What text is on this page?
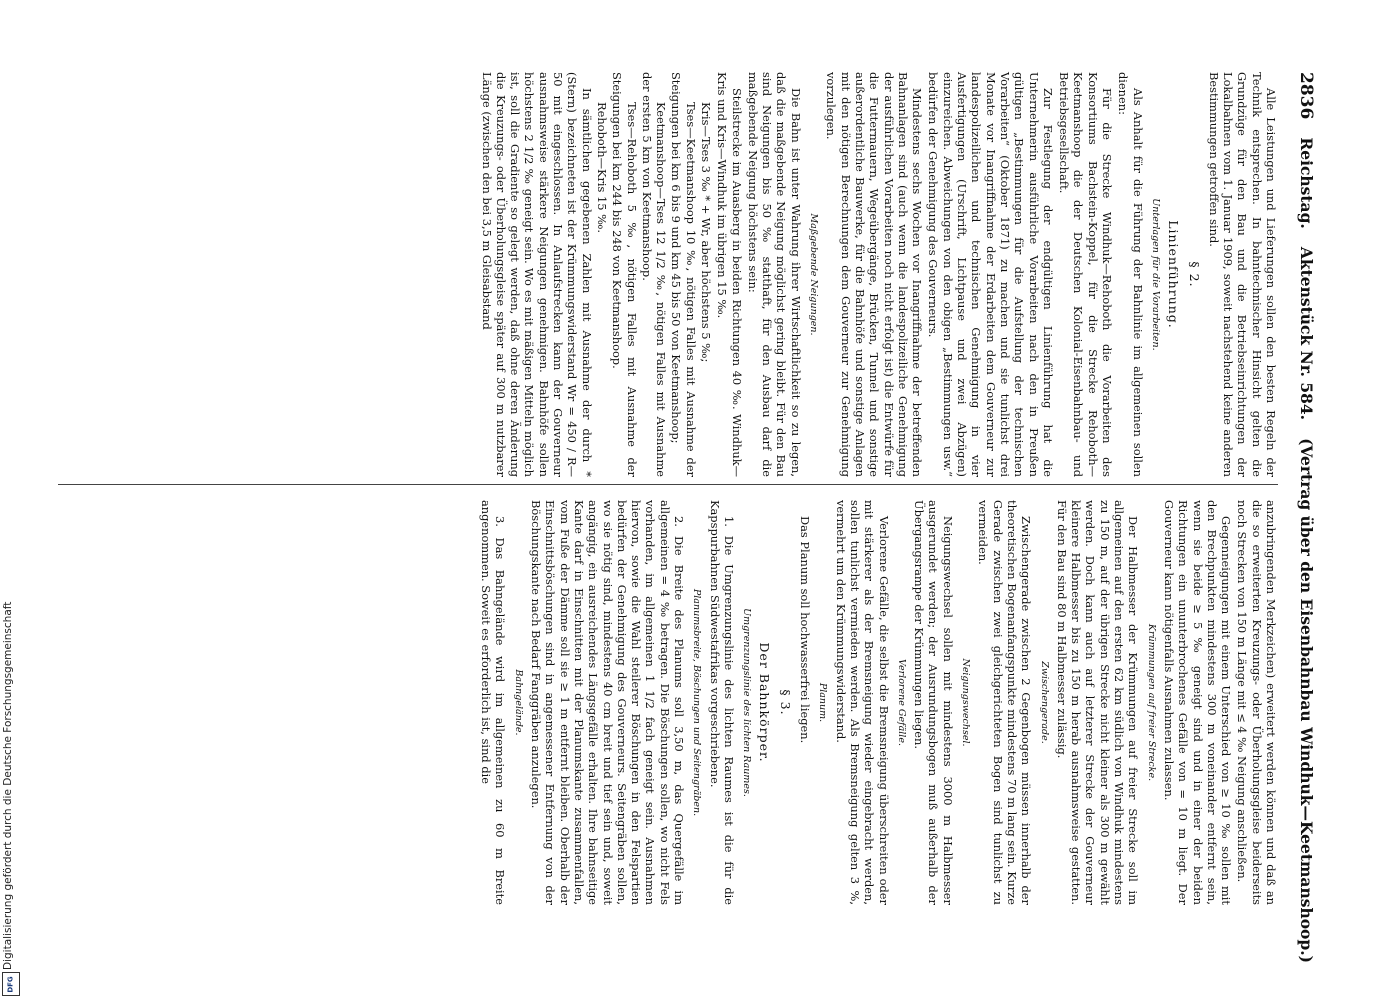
Digitalisierung gefördert durch die Deutsche Forschungsgemeinschaft
DFG
2836
Reichstag.
Aktenstück Nr. 584.
(Vertrag über den Eisenbahnbau Windhuk—Keetmanshoop.)

Alle Leistungen und Lieferungen sollen den besten Regeln der Technik entsprechen. In bahntechnischer Hinsicht gelten die Grundzüge für den Bau und die Betriebseinrichtungen der Lokalbahnen vom 1. Januar 1909, soweit nachstehend keine anderen Bestimmungen getroffen sind.

§ 2.

Linienführung.

Unterlagen für die Vorarbeiten.

Als Anhalt für die Führung der Bahnlinie im allgemeinen sollen dienen:

Für die Strecke Windhuk—Rehoboth die Vorarbeiten des Konsortiums Bachstein-Koppel, für die Strecke Rehoboth—Keetmanshoop die der Deutschen Kolonial-Eisenbahnbau- und Betriebsgesellschaft.

Zur Festlegung der endgültigen Linienführung hat die Unternehmerin ausführliche Vorarbeiten nach den in Preußen gültigen „Bestimmungen für die Aufstellung der technischen Vorarbeiten“ (Oktober 1871) zu machen und sie tunlichst drei Monate vor Inangriffnahme der Erdarbeiten dem Gouverneur zur landespolizeilichen und technischen Genehmigung in vier Ausfertigungen (Urschrift, Lichtpause und zwei Abzügen) einzureichen. Abweichungen von den obigen „Bestimmungen usw.“ bedürfen der Genehmigung des Gouverneurs.

Mindestens sechs Wochen vor Inangriffnahme der betreffenden Bahnanlagen sind (auch wenn die landespolizeiliche Genehmigung der ausführlichen Vorarbeiten noch nicht erfolgt ist) die Entwürfe für die Futtermauern, Wegeübergänge, Brücken, Tunnel und sonstige außerordentliche Bauwerke, für die Bahnhöfe und sonstige Anlagen mit den nötigen Berechnungen dem Gouverneur zur Genehmigung vorzulegen.

Maßgebende Neigungen.

Die Bahn ist unter Wahrung ihrer Wirtschaftlichkeit so zu legen, daß die maßgebende Neigung möglichst gering bleibt. Für den Bau sind Neigungen bis 50 ‰ statthaft, für den Ausbau darf die maßgebende Neigung höchstens sein:

Steilstrecke im Auasberg in beiden Richtungen 40 ‰. Windhuk—Kris und Kris—Windhuk im übrigen 15 ‰.

Kris—Tses 3 ‰ * + Wr, aber höchstens 5 ‰;

Tses—Keetmanshoop 10 ‰, nötigen Falles mit Ausnahme der Steigungen bei km 6 bis 9 und km 45 bis 50 von Keetmanshoop;

Keetmanshoop—Tses 12 1/2 ‰, nötigen Falles mit Ausnahme der ersten 5 km von Keetmanshoop.

Tses—Rehoboth 5 ‰, nötigen Falles mit Ausnahme der Steigungen bei km 244 bis 248 von Keetmanshoop.

Rehoboth—Kris 15 ‰.

In sämtlichen gegebenen Zahlen mit Ausnahme der durch * (Stern) bezeichneten ist der Krümmungswiderstand Wr = 450 / R—50 mit eingeschlossen. In Anlaufstrecken kann der Gouverneur ausnahmsweise stärkere Neigungen genehmigen. Bahnhöfe sollen höchstens 2 1/2 ‰ geneigt sein. Wo es mit mäßigen Mitteln möglich ist, soll die Gradiente so gelegt werden, daß ohne deren Änderung die Kreuzungs- oder Überholungsgleise später auf 300 m nutzbarer Länge (zwischen den bei 3,5 m Gleisabstand

anzubringenden Merkzeichen) erweitert werden können und daß an die so erweiterten Kreuzungs- oder Überholungsgleise beiderseits noch Strecken von 150 m Länge mit ≤ 4 ‰ Neigung anschließen.

Gegenneigungen mit einem Unterschied von ≥ 10 ‰ sollen mit den Brechpunkten mindestens 300 m voneinander entfernt sein, wenn sie beide ≥ 5 ‰ geneigt sind und in einer der beiden Richtungen ein ununterbrochenes Gefälle von = 10 m liegt. Der Gouverneur kann nötigenfalls Ausnahmen zulassen.

Krümmungen auf freier Strecke.

Der Halbmesser der Krümmungen auf freier Strecke soll im allgemeinen auf den ersten 62 km südlich von Windhuk mindestens zu 150 m, auf der übrigen Strecke nicht kleiner als 300 m gewählt werden. Doch kann auch auf letzterer Strecke der Gouverneur kleinere Halbmesser bis zu 150 m herab ausnahmsweise gestatten. Für den Bau sind 80 m Halbmesser zulässig.

Zwischengerade.

Zwischengerade zwischen 2 Gegenbogen müssen innerhalb der theoretischen Bogenanfangspunkte mindestens 70 m lang sein. Kurze Gerade zwischen zwei gleichgerichteten Bogen sind tunlichst zu vermeiden.

Neigungswechsel.

Neigungswechsel sollen mit mindestens 3000 m Halbmesser ausgerundet werden; der Ausrundungsbogen muß außerhalb der Übergangsrampe der Krümmungen liegen.

Verlorene Gefälle.

Verlorene Gefälle, die selbst die Bremsneigung überschreiten oder mit stärkerer als der Bremsneigung wieder eingebracht werden, sollen tunlichst vermieden werden. Als Bremsneigung gelten 3 %, vermehrt um den Krümmungswiderstand.

Planum.

Das Planum soll hochwasserfrei liegen.

§ 3.

Der Bahnkörper.

Umgrenzungslinie des lichten Raumes.

1. Die Umgrenzungslinie des lichten Raumes ist die für die Kapspurbahnen Südwestafrikas vorgeschriebene.

Planumsbreite, Böschungen und Seitengräben.

2. Die Breite des Planums soll 3,50 m, das Quergefälle im allgemeinen = 4 ‰ betragen. Die Böschungen sollen, wo nicht Fels vorhanden, im allgemeinen 1 1/2 fach geneigt sein. Ausnahmen hiervon, sowie die Wahl steilerer Böschungen in den Felspartien bedürfen der Genehmigung des Gouverneurs. Seitengräben sollen, wo sie nötig sind, mindestens 40 cm breit und tief sein und, soweit angängig, ein ausreichendes Längsgefälle erhalten. Ihre bahnseitige Kante darf in Einschnitten mit der Planumskante zusammenfallen, vom Fuße der Dämme soll sie ≥ 1 m entfernt bleiben. Oberhalb der Einschnittsböschungen sind in angemessener Entfernung von der Böschungskante nach Bedarf Fanggräben anzulegen.

Bahngelände.

3. Das Bahngelände wird im allgemeinen zu 60 m Breite angenommen. Soweit es erforderlich ist, sind die
